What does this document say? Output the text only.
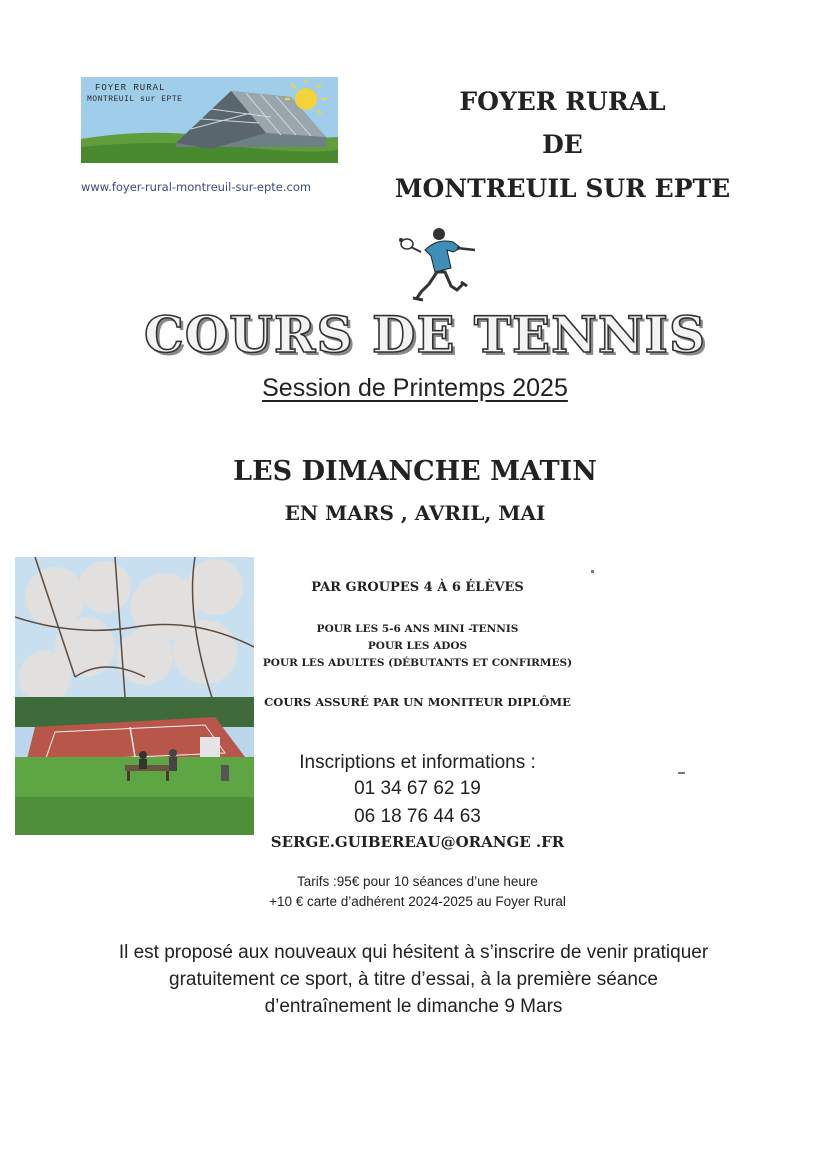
FOYER RURAL
MONTREUIL sur EPTE
www.foyer-rural-montreuil-sur-epte.com
FOYER RURAL
DE
MONTREUIL SUR EPTE
COURS DE TENNIS
Session de Printemps 2025
LES DIMANCHE MATIN
EN MARS , AVRIL, MAI
PAR GROUPES 4 À 6 ÉLÈVES
POUR LES 5-6 ANS MINI -TENNIS
POUR LES ADOS
POUR LES ADULTES (DÉBUTANTS ET CONFIRMES)
COURS ASSURÉ PAR UN MONITEUR DIPLÔME
Inscriptions et informations :
01 34 67 62 19
06 18 76 44 63
SERGE.GUIBEREAU@ORANGE .FR
Tarifs :95€ pour 10 séances d’une heure
+10 € carte d’adhérent 2024-2025 au Foyer Rural
Il est proposé aux nouveaux qui hésitent à s’inscrire de venir pratiquer
gratuitement ce sport, à titre d’essai, à la première séance
d’entraînement le dimanche 9 Mars
